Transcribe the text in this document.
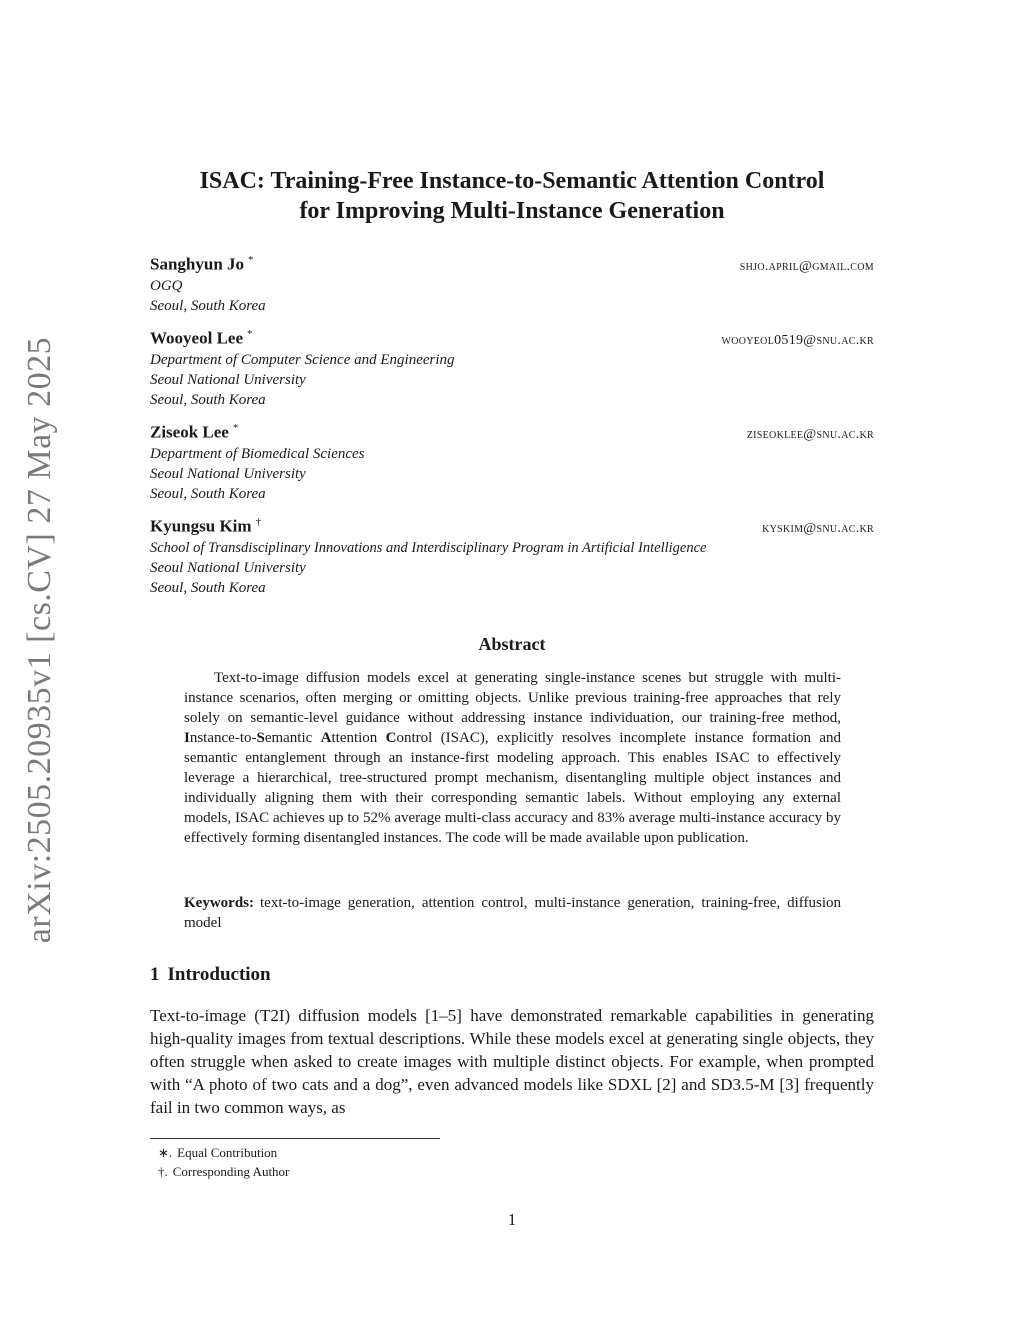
arXiv:2505.20935v1 [cs.CV] 27 May 2025
ISAC: Training-Free Instance-to-Semantic Attention Control
for Improving Multi-Instance Generation
Sanghyun Jo *	shjo.april@gmail.com

OGQ

Seoul, South Korea

Wooyeol Lee *	wooyeol0519@snu.ac.kr

Department of Computer Science and Engineering

Seoul National University

Seoul, South Korea

Ziseok Lee *	ziseoklee@snu.ac.kr

Department of Biomedical Sciences

Seoul National University

Seoul, South Korea

Kyungsu Kim †	kyskim@snu.ac.kr

School of Transdisciplinary Innovations and Interdisciplinary Program in Artificial Intelligence

Seoul National University

Seoul, South Korea

Abstract

Text-to-image diffusion models excel at generating single-instance scenes but struggle with multi-instance scenarios, often merging or omitting objects. Unlike previous training-free approaches that rely solely on semantic-level guidance without addressing instance individuation, our training-free method, Instance-to-Semantic Attention Control (ISAC), explicitly resolves incomplete instance formation and semantic entanglement through an instance-first modeling approach. This enables ISAC to effectively leverage a hierarchical, tree-structured prompt mechanism, disentangling multiple object instances and individually aligning them with their corresponding semantic labels. Without employing any external models, ISAC achieves up to 52% average multi-class accuracy and 83% average multi-instance accuracy by effectively forming disentangled instances. The code will be made available upon publication.

Keywords: text-to-image generation, attention control, multi-instance generation, training-free, diffusion model

1 Introduction

Text-to-image (T2I) diffusion models [1–5] have demonstrated remarkable capabilities in generating high-quality images from textual descriptions. While these models excel at generating single objects, they often struggle when asked to create images with multiple distinct objects. For example, when prompted with “A photo of two cats and a dog”, even advanced models like SDXL [2] and SD3.5-M [3] frequently fail in two common ways, as

∗. Equal Contribution
†. Corresponding Author
1
